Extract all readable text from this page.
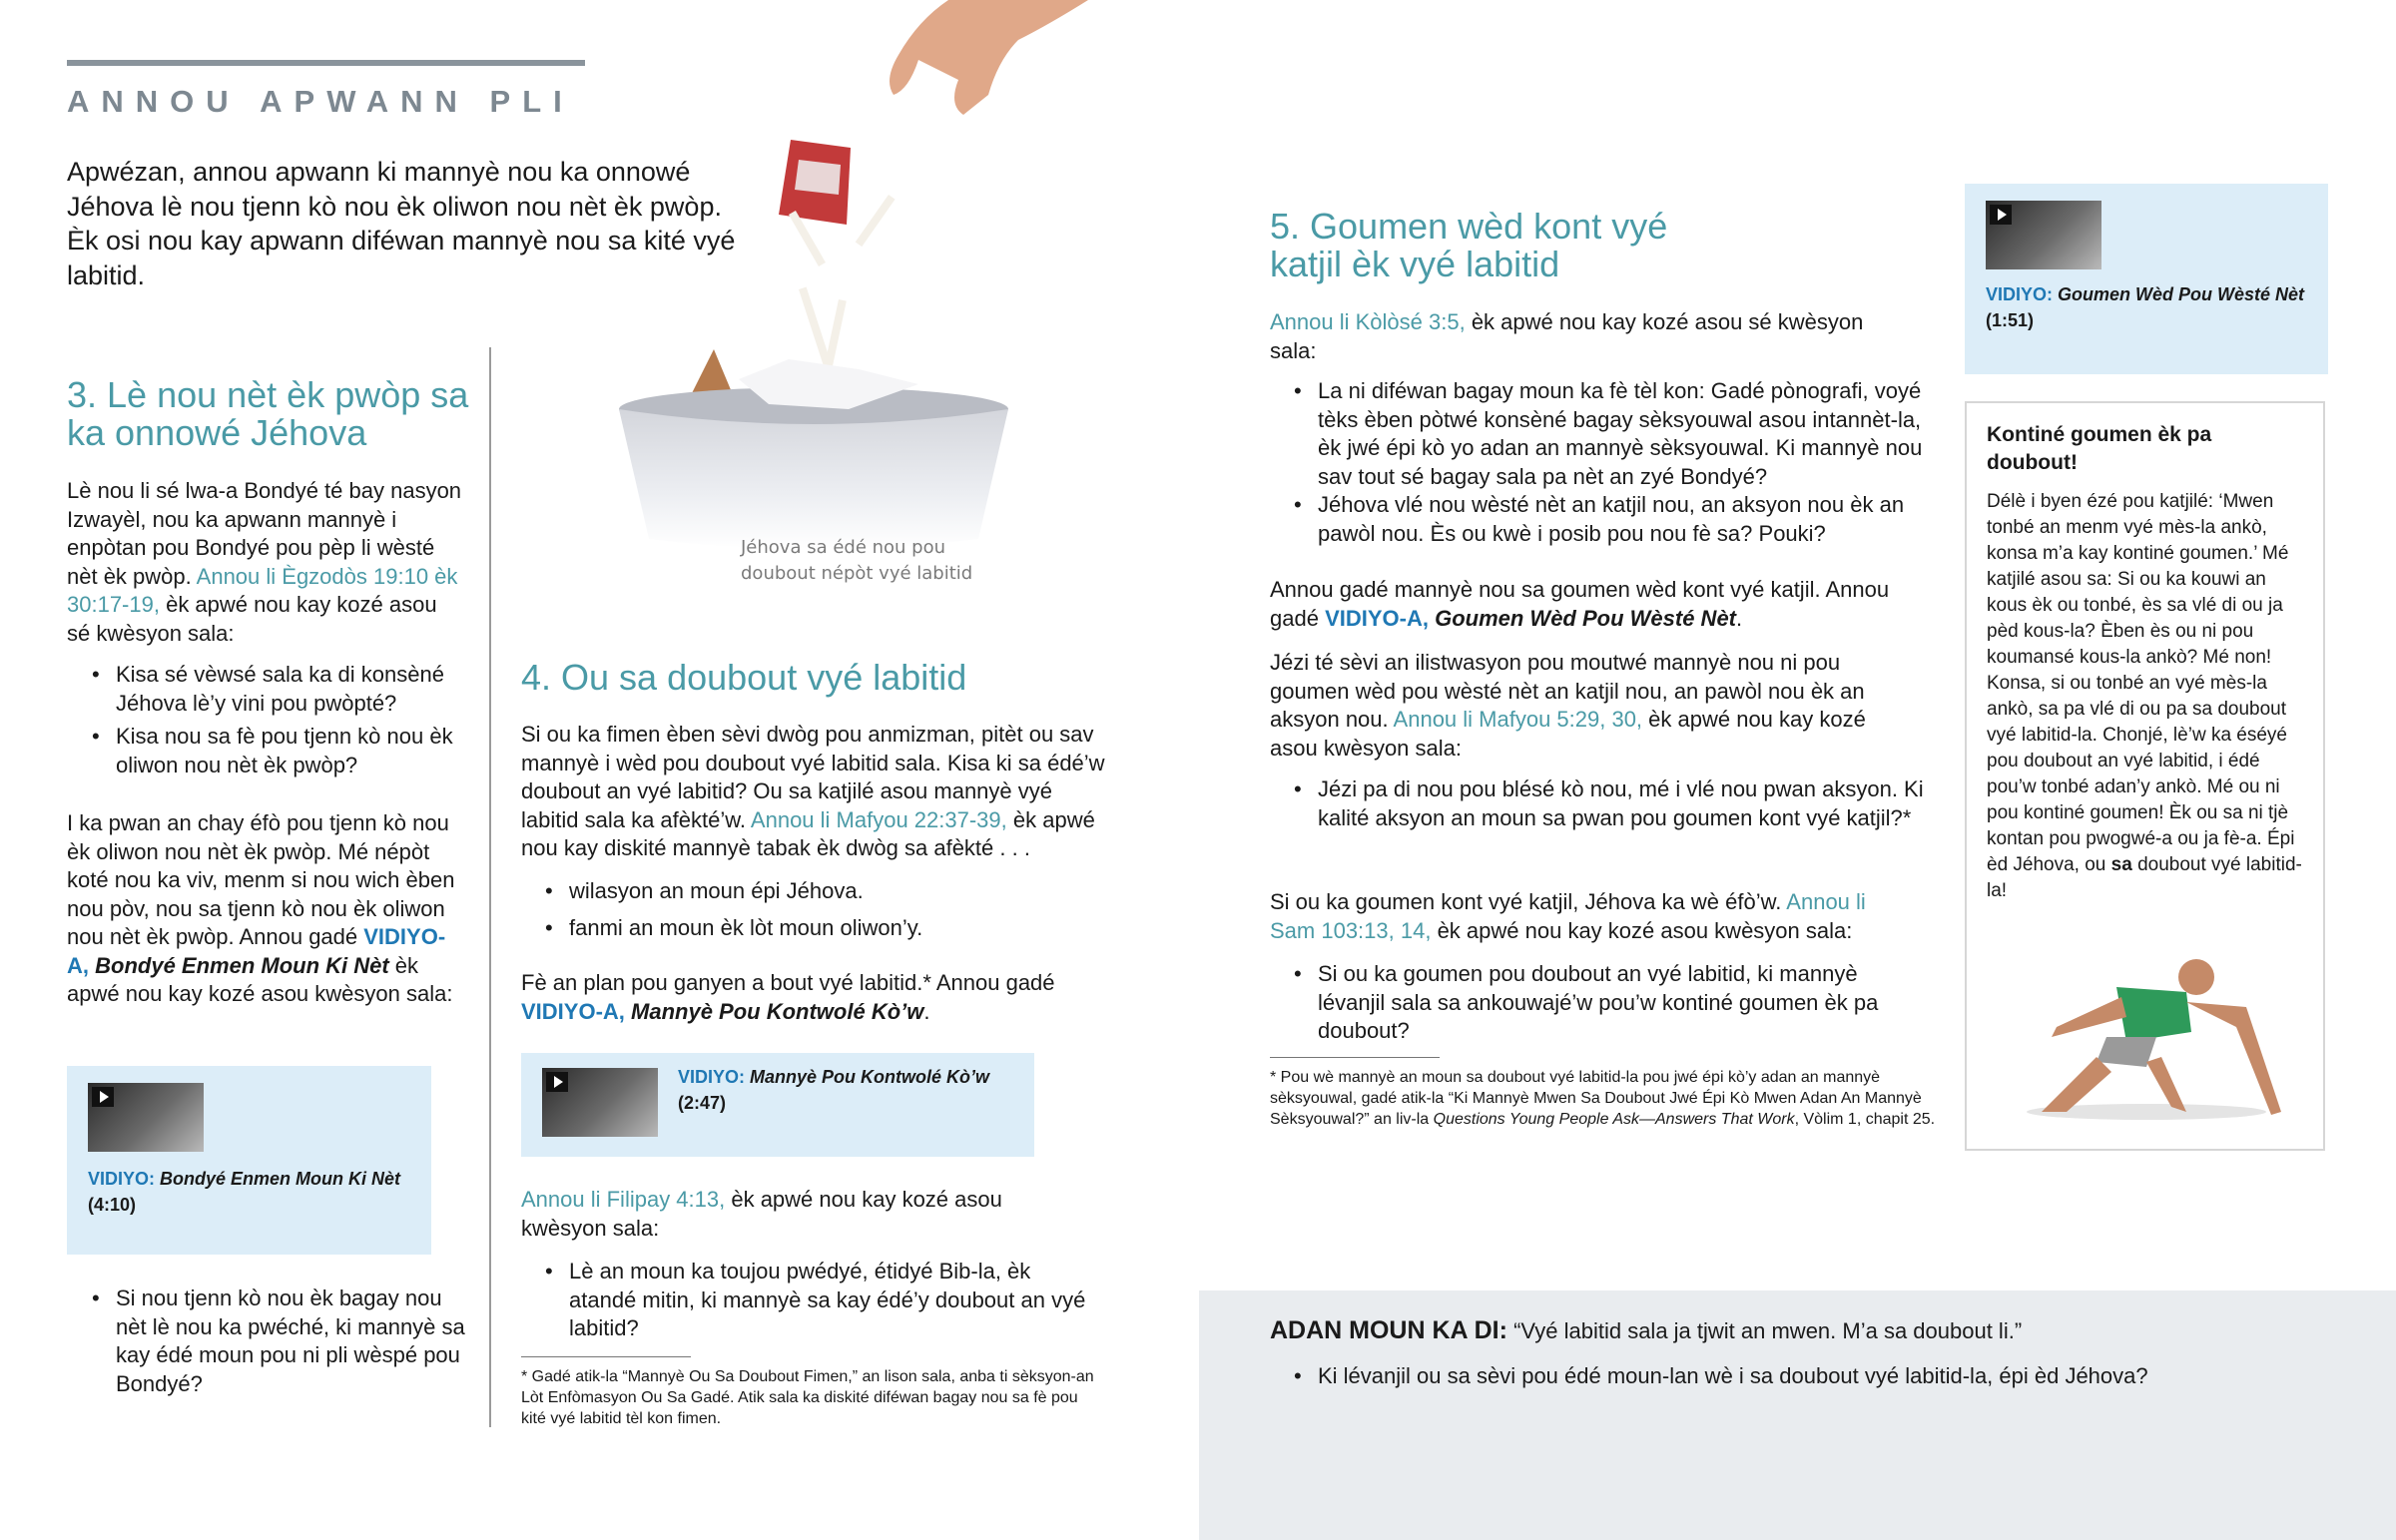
ANNOU APWANN PLI

Apwézan, annou apwann ki mannyè nou ka onnowé Jéhova lè nou tjenn kò nou èk oliwon nou nèt èk pwòp. Èk osi nou kay apwann diféwan mannyè nou sa kité vyé labitid.

Jéhova sa édé nou pou doubout népòt vyé labitid
3. Lè nou nèt èk pwòp sa ka onnowé Jéhova

Lè nou li sé lwa-a Bondyé té bay nasyon Izwayèl, nou ka apwann mannyè i enpòtan pou Bondyé pou pèp li wèsté nèt èk pwòp. Annou li Ègzodòs 19:10 èk 30:17-19, èk apwé nou kay kozé asou sé kwèsyon sala:

• Kisa sé vèwsé sala ka di konsèné Jéhova lè’y vini pou pwòpté?
• Kisa nou sa fè pou tjenn kò nou èk oliwon nou nèt èk pwòp?

I ka pwan an chay éfò pou tjenn kò nou èk oliwon nou nèt èk pwòp. Mé népòt koté nou ka viv, menm si nou wich èben nou pòv, nou sa tjenn kò nou èk oliwon nou nèt èk pwòp. Annou gadé VIDIYO-A, Bondyé Enmen Moun Ki Nèt èk apwé nou kay kozé asou kwèsyon sala:

VIDIYO: Bondyé Enmen Moun Ki Nèt
(4:10)
• Si nou tjenn kò nou èk bagay nou nèt lè nou ka pwéché, ki mannyè sa kay édé moun pou ni pli wèspé pou Bondyé?
4. Ou sa doubout vyé labitid

Si ou ka fimen èben sèvi dwòg pou anmizman, pitèt ou sav mannyè i wèd pou doubout vyé labitid sala. Kisa ki sa édé’w doubout an vyé labitid? Ou sa katjilé asou mannyè vyé labitid sala ka afèkté’w. Annou li Mafyou 22:37-39, èk apwé nou kay diskité mannyè tabak èk dwòg sa afèkté . . .

• wilasyon an moun épi Jéhova.
• fanmi an moun èk lòt moun oliwon’y.

Fè an plan pou ganyen a bout vyé labitid.* Annou gadé VIDIYO-A, Mannyè Pou Kontwolé Kò’w.

VIDIYO: Mannyè Pou Kontwolé Kò’w
(2:47)

Annou li Filipay 4:13, èk apwé nou kay kozé asou kwèsyon sala:

• Lè an moun ka toujou pwédyé, étidyé Bib-la, èk atandé mitin, ki mannyè sa kay édé’y doubout an vyé labitid?

* Gadé atik-la “Mannyè Ou Sa Doubout Fimen,” an lison sala, anba ti sèksyon-an Lòt Enfòmasyon Ou Sa Gadé. Atik sala ka diskité diféwan bagay nou sa fè pou kité vyé labitid tèl kon fimen.

5. Goumen wèd kont vyé katjil èk vyé labitid

Annou li Kòlòsé 3:5, èk apwé nou kay kozé asou sé kwèsyon sala:

• La ni diféwan bagay moun ka fè tèl kon: Gadé pònografi, voyé tèks èben pòtwé konsèné bagay sèksyouwal asou intannèt-la, èk jwé épi kò yo adan an mannyè sèksyouwal. Ki mannyè nou sav tout sé bagay sala pa nèt an zyé Bondyé?
• Jéhova vlé nou wèsté nèt an katjil nou, an aksyon nou èk an pawòl nou. Ès ou kwè i posib pou nou fè sa? Pouki?

Annou gadé mannyè nou sa goumen wèd kont vyé katjil. Annou gadé VIDIYO-A, Goumen Wèd Pou Wèsté Nèt.

Jézi té sèvi an ilistwasyon pou moutwé mannyè nou ni pou goumen wèd pou wèsté nèt an katjil nou, an pawòl nou èk an aksyon nou. Annou li Mafyou 5:29, 30, èk apwé nou kay kozé asou kwèsyon sala:

• Jézi pa di nou pou blésé kò nou, mé i vlé nou pwan aksyon. Ki kalité aksyon an moun sa pwan pou goumen kont vyé katjil?*

Si ou ka goumen kont vyé katjil, Jéhova ka wè éfò’w. Annou li Sam 103:13, 14, èk apwé nou kay kozé asou kwèsyon sala:

• Si ou ka goumen pou doubout an vyé labitid, ki mannyè lévanjil sala sa ankouwajé’w pou’w kontiné goumen èk pa doubout?

* Pou wè mannyè an moun sa doubout vyé labitid-la pou jwé épi kò’y adan an mannyè sèksyouwal, gadé atik-la “Ki Mannyè Mwen Sa Doubout Jwé Épi Kò Mwen Adan An Mannyè Sèksyouwal?” an liv-la Questions Young People Ask—Answers That Work, Vòlim 1, chapit 25.

VIDIYO: Goumen Wèd Pou Wèsté Nèt
(1:51)
Kontiné goumen èk pa doubout!

Délè i byen ézé pou katjilé: ‘Mwen tonbé an menm vyé mès-la ankò, konsa m’a kay kontiné goumen.’ Mé katjilé asou sa: Si ou ka kouwi an kous èk ou tonbé, ès sa vlé di ou ja pèd kous-la? Èben ès ou ni pou koumansé kous-la ankò? Mé non! Konsa, si ou tonbé an vyé mès-la ankò, sa pa vlé di ou pa sa doubout vyé labitid-la. Chonjé, lè’w ka éséyé pou doubout an vyé labitid, i édé pou’w tonbé adan’y ankò. Mé ou ni pou kontiné goumen! Èk ou sa ni tjè kontan pou pwogwé-a ou ja fè-a. Épi èd Jéhova, ou sa doubout vyé labitid-la!

ADAN MOUN KA DI: “Vyé labitid sala ja tjwit an mwen. M’a sa doubout li.”
• Ki lévanjil ou sa sèvi pou édé moun-lan wè i sa doubout vyé labitid-la, épi èd Jéhova?
